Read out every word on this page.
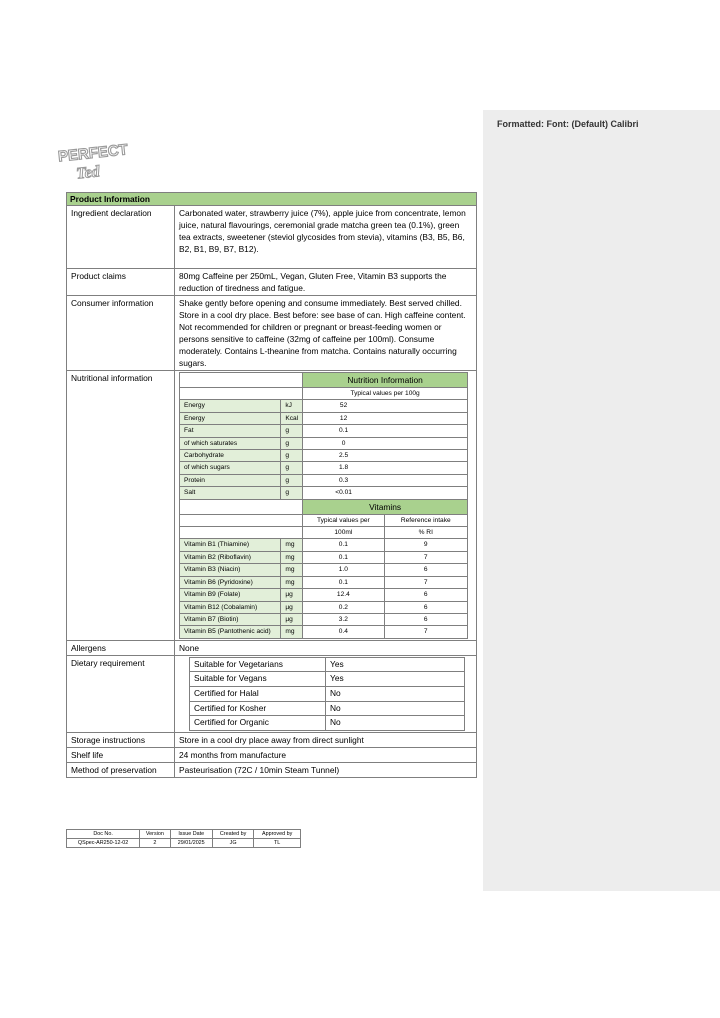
Formatted: Font: (Default) Calibri
PERFECT
Ted
Product Information
Ingredient declaration	Carbonated water, strawberry juice (7%), apple juice from concentrate, lemon juice, natural flavourings, ceremonial grade matcha green tea (0.1%), green tea extracts, sweetener (steviol glycosides from stevia), vitamins (B3, B5, B6, B2, B1, B9, B7, B12).
Product claims	80mg Caffeine per 250mL, Vegan, Gluten Free, Vitamin B3 supports the reduction of tiredness and fatigue.
Consumer information	Shake gently before opening and consume immediately. Best served chilled. Store in a cool dry place. Best before: see base of can. High caffeine content. Not recommended for children or pregnant or breast-feeding women or persons sensitive to caffeine (32mg of caffeine per 100ml). Consume moderately. Contains L-theanine from matcha. Contains naturally occurring sugars.
Nutritional information	
		Nutrition Information
	Typical values per 100g
Energy	kJ	52	
Energy	Kcal	12	
Fat	g	0.1	
of which saturates	g	0	
Carbohydrate	g	2.5	
of which sugars	g	1.8	
Protein	g	0.3	
Salt	g	<0.01	
	Vitamins
	Typical values per	Reference intake
	100ml	% RI
Vitamin B1 (Thiamine)	mg	0.1	9
Vitamin B2 (Riboflavin)	mg	0.1	7
Vitamin B3 (Niacin)	mg	1.0	6
Vitamin B6 (Pyridoxine)	mg	0.1	7
Vitamin B9 (Folate)	µg	12.4	6
Vitamin B12 (Cobalamin)	µg	0.2	6
Vitamin B7 (Biotin)	µg	3.2	6
Vitamin B5 (Pantothenic acid)	mg	0.4	7

Allergens	None
Dietary requirement		Suitable for Vegetarians	Yes
Suitable for Vegans	Yes
Certified for Halal	No
Certified for Kosher	No
Certified for Organic	No

Storage instructions	Store in a cool dry place away from direct sunlight
Shelf life	24 months from manufacture
Method of preservation	Pasteurisation (72C / 10min Steam Tunnel)
Doc No.	Version	Issue Date	Created by	Approved by
QSpec-AR250-12-02	2	29/01/2025	JG	TL
